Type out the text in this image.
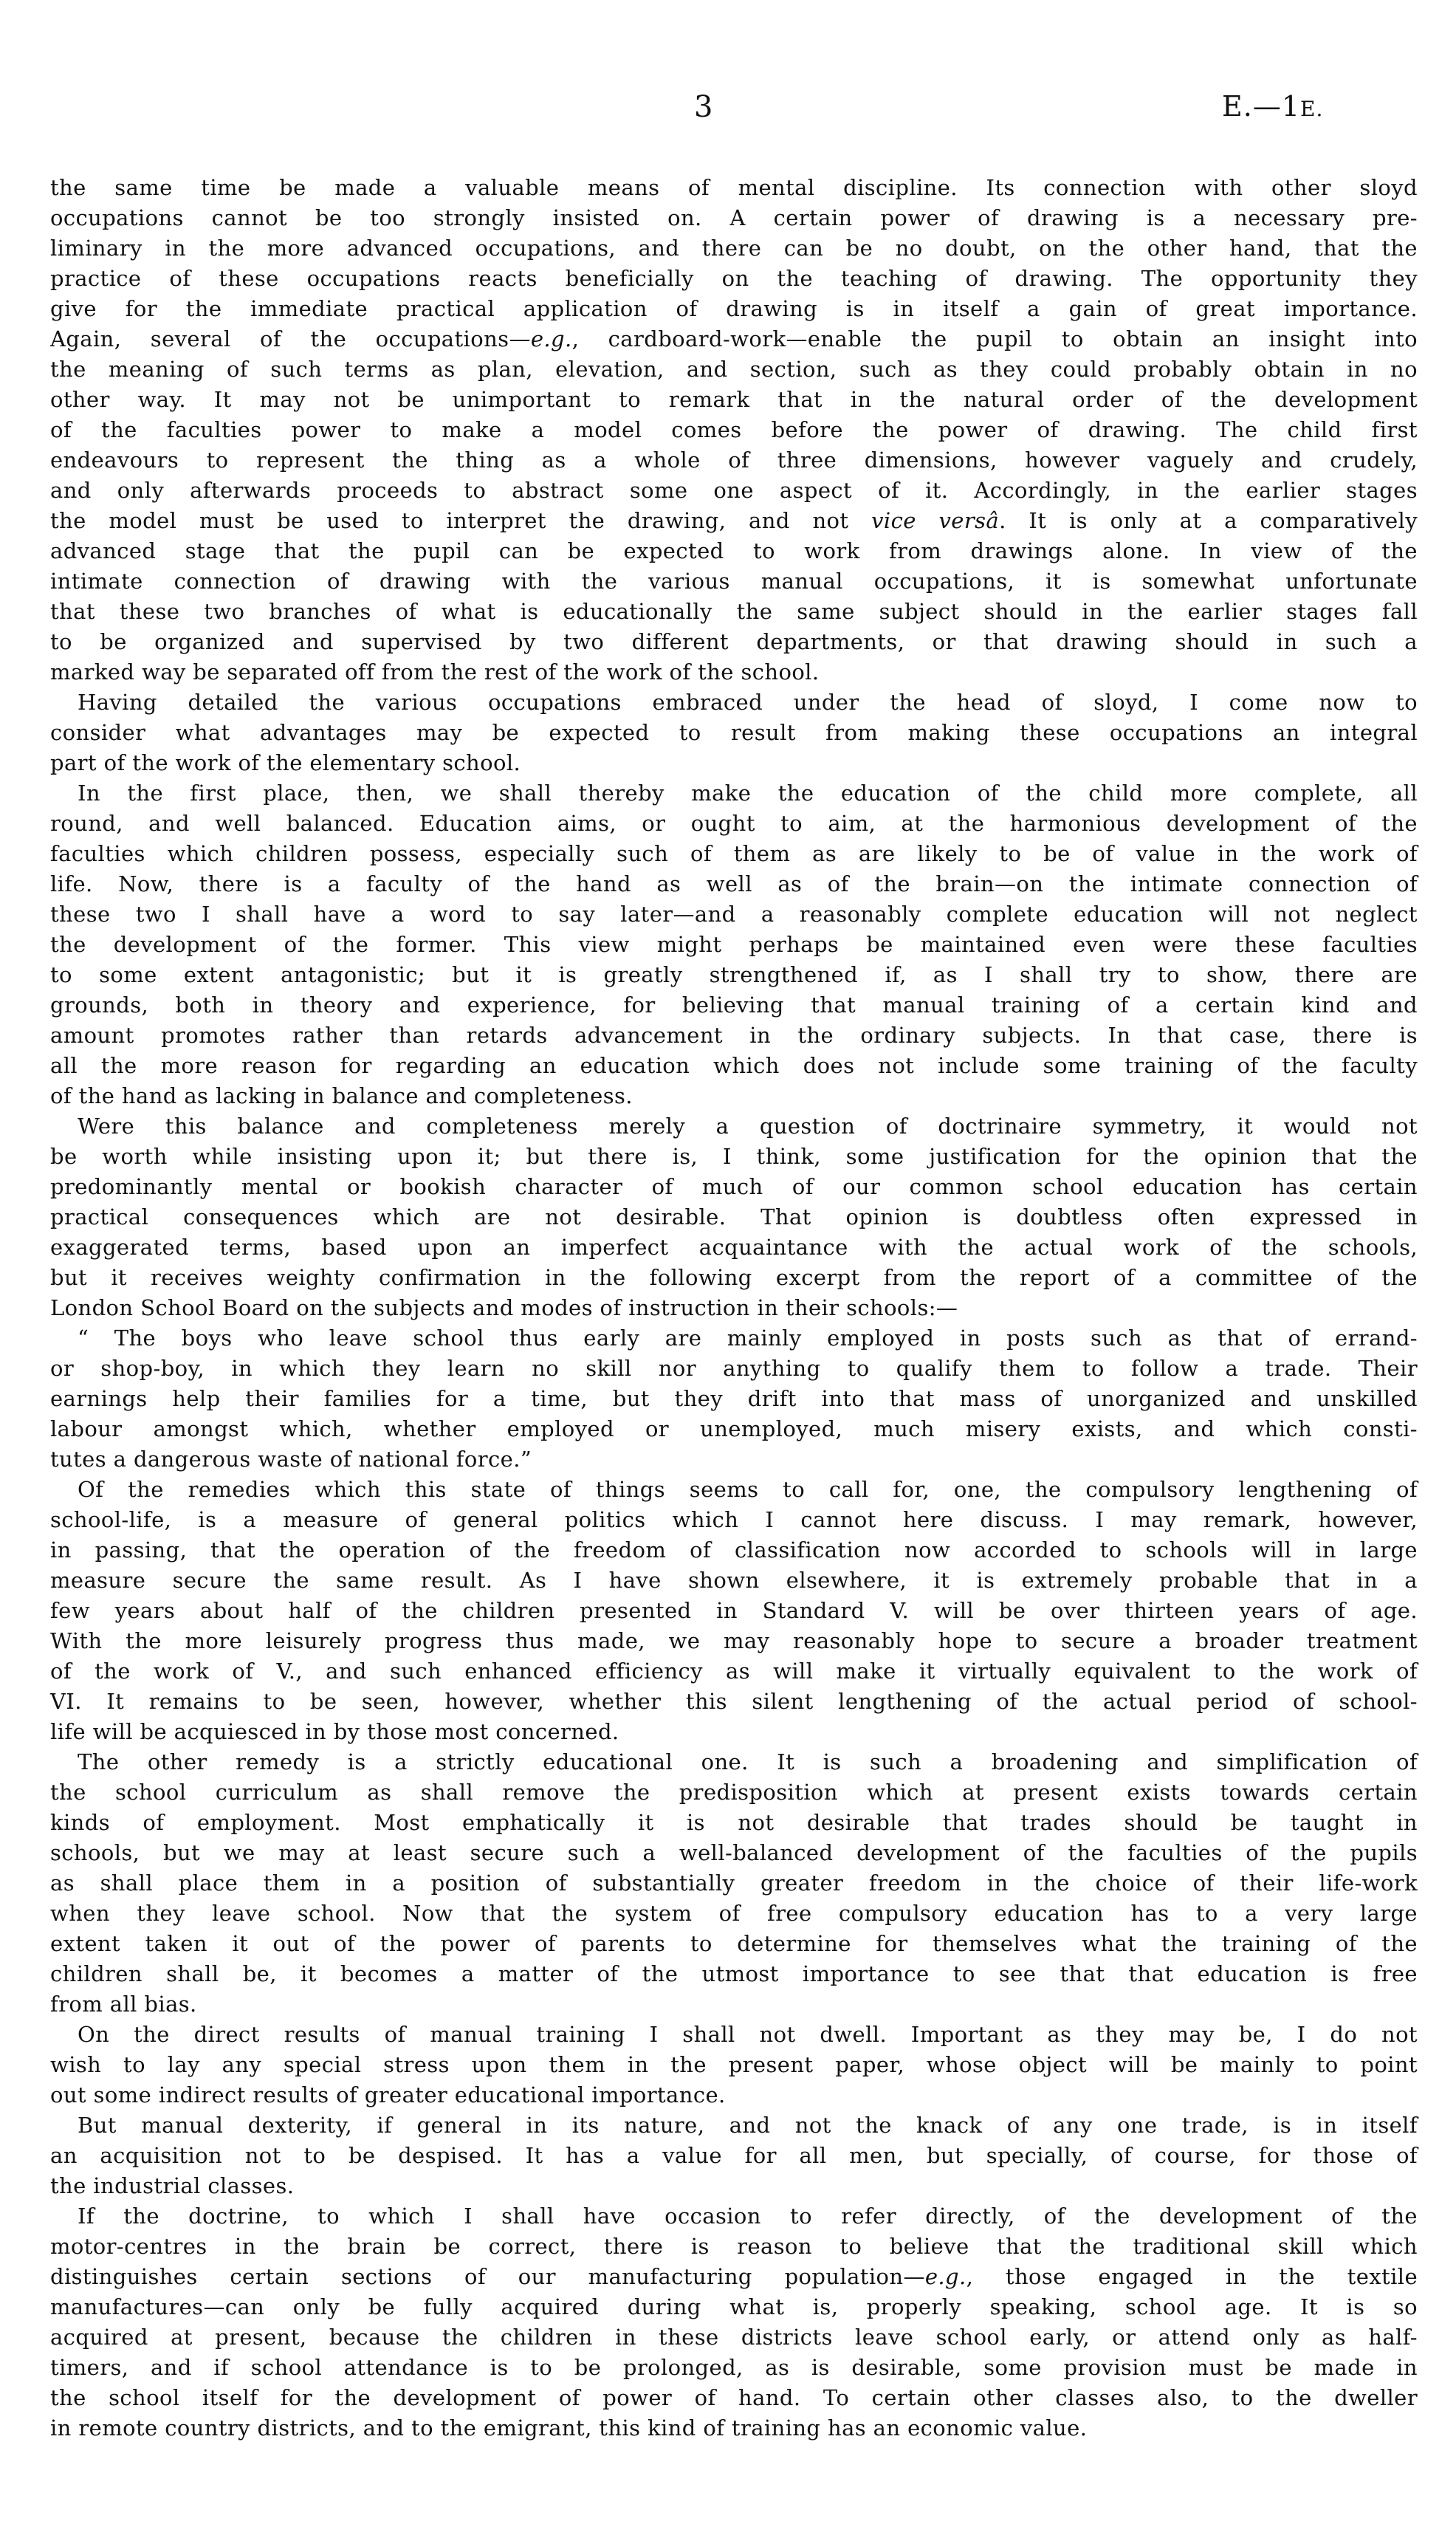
3	E.—1E.
the same time be made a valuable means of mental discipline. Its connection with other sloyd
occupations cannot be too strongly insisted on. A certain power of drawing is a necessary pre-
liminary in the more advanced occupations, and there can be no doubt, on the other hand, that the
practice of these occupations reacts beneficially on the teaching of drawing. The opportunity they
give for the immediate practical application of drawing is in itself a gain of great importance.
Again, several of the occupations—e.g., cardboard-work—enable the pupil to obtain an insight into
the meaning of such terms as plan, elevation, and section, such as they could probably obtain in no
other way. It may not be unimportant to remark that in the natural order of the development
of the faculties power to make a model comes before the power of drawing. The child first
endeavours to represent the thing as a whole of three dimensions, however vaguely and crudely,
and only afterwards proceeds to abstract some one aspect of it. Accordingly, in the earlier stages
the model must be used to interpret the drawing, and not vice versâ. It is only at a comparatively
advanced stage that the pupil can be expected to work from drawings alone. In view of the
intimate connection of drawing with the various manual occupations, it is somewhat unfortunate
that these two branches of what is educationally the same subject should in the earlier stages fall
to be organized and supervised by two different departments, or that drawing should in such a
marked way be separated off from the rest of the work of the school.
Having detailed the various occupations embraced under the head of sloyd, I come now to
consider what advantages may be expected to result from making these occupations an integral
part of the work of the elementary school.
In the first place, then, we shall thereby make the education of the child more complete, all
round, and well balanced. Education aims, or ought to aim, at the harmonious development of the
faculties which children possess, especially such of them as are likely to be of value in the work of
life. Now, there is a faculty of the hand as well as of the brain—on the intimate connection of
these two I shall have a word to say later—and a reasonably complete education will not neglect
the development of the former. This view might perhaps be maintained even were these faculties
to some extent antagonistic; but it is greatly strengthened if, as I shall try to show, there are
grounds, both in theory and experience, for believing that manual training of a certain kind and
amount promotes rather than retards advancement in the ordinary subjects. In that case, there is
all the more reason for regarding an education which does not include some training of the faculty
of the hand as lacking in balance and completeness.
Were this balance and completeness merely a question of doctrinaire symmetry, it would not
be worth while insisting upon it; but there is, I think, some justification for the opinion that the
predominantly mental or bookish character of much of our common school education has certain
practical consequences which are not desirable. That opinion is doubtless often expressed in
exaggerated terms, based upon an imperfect acquaintance with the actual work of the schools,
but it receives weighty confirmation in the following excerpt from the report of a committee of the
London School Board on the subjects and modes of instruction in their schools:—
“ The boys who leave school thus early are mainly employed in posts such as that of errand-
or shop-boy, in which they learn no skill nor anything to qualify them to follow a trade. Their
earnings help their families for a time, but they drift into that mass of unorganized and unskilled
labour amongst which, whether employed or unemployed, much misery exists, and which consti-
tutes a dangerous waste of national force.”
Of the remedies which this state of things seems to call for, one, the compulsory lengthening of
school-life, is a measure of general politics which I cannot here discuss. I may remark, however,
in passing, that the operation of the freedom of classification now accorded to schools will in large
measure secure the same result. As I have shown elsewhere, it is extremely probable that in a
few years about half of the children presented in Standard V. will be over thirteen years of age.
With the more leisurely progress thus made, we may reasonably hope to secure a broader treatment
of the work of V., and such enhanced efficiency as will make it virtually equivalent to the work of
VI. It remains to be seen, however, whether this silent lengthening of the actual period of school-
life will be acquiesced in by those most concerned.
The other remedy is a strictly educational one. It is such a broadening and simplification of
the school curriculum as shall remove the predisposition which at present exists towards certain
kinds of employment. Most emphatically it is not desirable that trades should be taught in
schools, but we may at least secure such a well-balanced development of the faculties of the pupils
as shall place them in a position of substantially greater freedom in the choice of their life-work
when they leave school. Now that the system of free compulsory education has to a very large
extent taken it out of the power of parents to determine for themselves what the training of the
children shall be, it becomes a matter of the utmost importance to see that that education is free
from all bias.
On the direct results of manual training I shall not dwell. Important as they may be, I do not
wish to lay any special stress upon them in the present paper, whose object will be mainly to point
out some indirect results of greater educational importance.
But manual dexterity, if general in its nature, and not the knack of any one trade, is in itself
an acquisition not to be despised. It has a value for all men, but specially, of course, for those of
the industrial classes.
If the doctrine, to which I shall have occasion to refer directly, of the development of the
motor-centres in the brain be correct, there is reason to believe that the traditional skill which
distinguishes certain sections of our manufacturing population—e.g., those engaged in the textile
manufactures—can only be fully acquired during what is, properly speaking, school age. It is so
acquired at present, because the children in these districts leave school early, or attend only as half-
timers, and if school attendance is to be prolonged, as is desirable, some provision must be made in
the school itself for the development of power of hand. To certain other classes also, to the dweller
in remote country districts, and to the emigrant, this kind of training has an economic value.
